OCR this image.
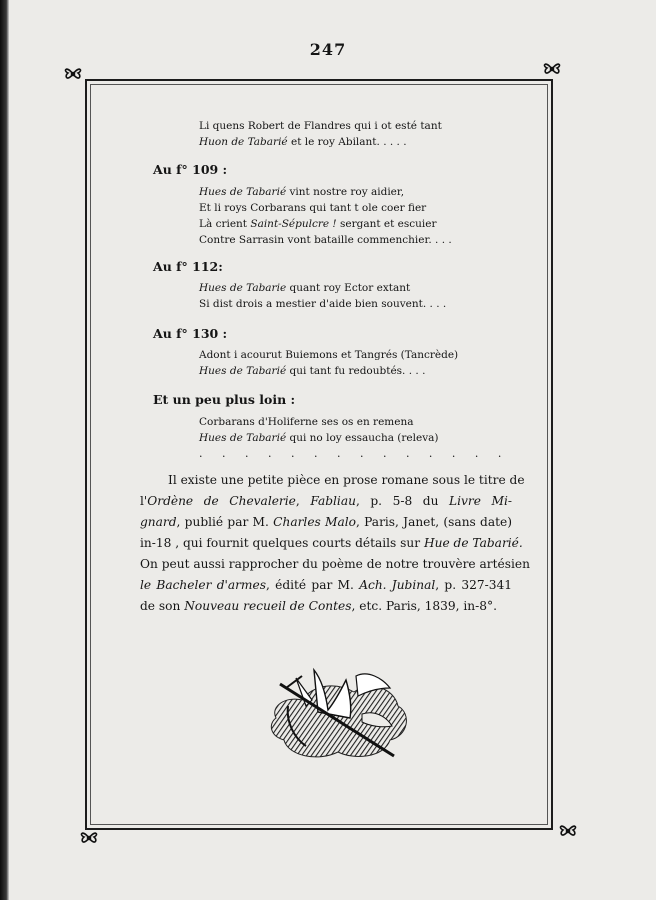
247
Li quens Robert de Flandres qui i ot esté tant
Huon de Tabarié et le roy Abilant. . . . .
Au f° 109 :
Hues de Tabarié vint nostre roy aidier,
Et li roys Corbarans qui tant t ole coer fier
Là crient Saint-Sépulcre ! sergant et escuier
Contre Sarrasin vont bataille commenchier. . . .
Au f° 112:
Hues de Tabarie quant roy Ector extant
Si dist drois a mestier d'aide bien souvent. . . .
Au f° 130 :
Adont i acourut Buiemons et Tangrés (Tancrède)
Hues de Tabarié qui tant fu redoubtés. . . .
Et un peu plus loin :
Corbarans d'Holiferne ses os en remena
Hues de Tabarié qui no loy essaucha (releva)
. . . . . . . . . . . . . .
Il existe une petite pièce en prose romane sous le titre de
l'Ordène de Chevalerie, Fabliau, p. 5-8 du Livre Mi-
gnard, publié par M. Charles Malo, Paris, Janet, (sans date)
in-18 , qui fournit quelques courts détails sur Hue de Tabarié.
On peut aussi rapprocher du poème de notre trouvère artésien
le Bacheler d'armes, édité par M. Ach. Jubinal, p. 327-341
de son Nouveau recueil de Contes, etc. Paris, 1839, in-8°.
